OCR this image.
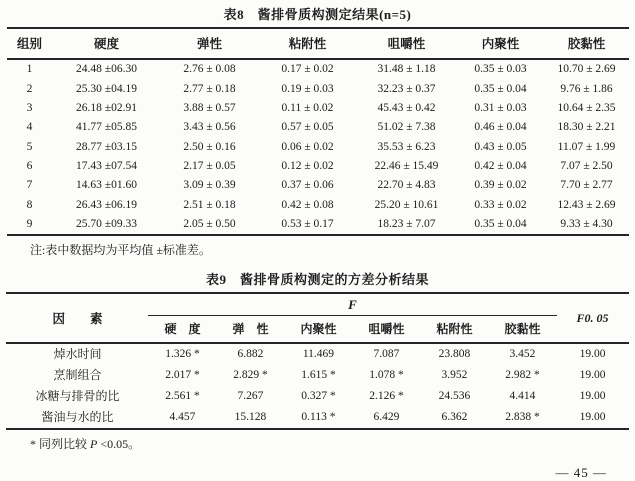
表8　酱排骨质构测定结果(n=5)
组别	硬度	弹性	粘附性	咀嚼性	内聚性	胶黏性
1	24.48 ±06.30	2.76 ± 0.08	0.17 ± 0.02	31.48 ± 1.18	0.35 ± 0.03	10.70 ± 2.69
2	25.30 ±04.19	2.77 ± 0.18	0.19 ± 0.03	32.23 ± 0.37	0.35 ± 0.04	9.76 ± 1.86
3	26.18 ±02.91	3.88 ± 0.57	0.11 ± 0.02	45.43 ± 0.42	0.31 ± 0.03	10.64 ± 2.35
4	41.77 ±05.85	3.43 ± 0.56	0.57 ± 0.05	51.02 ± 7.38	0.46 ± 0.04	18.30 ± 2.21
5	28.77 ±03.15	2.50 ± 0.16	0.06 ± 0.02	35.53 ± 6.23	0.43 ± 0.05	11.07 ± 1.99
6	17.43 ±07.54	2.17 ± 0.05	0.12 ± 0.02	22.46 ± 15.49	0.42 ± 0.04	7.07 ± 2.50
7	14.63 ±01.60	3.09 ± 0.39	0.37 ± 0.06	22.70 ± 4.83	0.39 ± 0.02	7.70 ± 2.77
8	26.43 ±06.19	2.51 ± 0.18	0.42 ± 0.08	25.20 ± 10.61	0.33 ± 0.02	12.43 ± 2.69
9	25.70 ±09.33	2.05 ± 0.50	0.53 ± 0.17	18.23 ± 7.07	0.35 ± 0.04	9.33 ± 4.30
注:表中数据均为平均值 ±标准差。
表9　酱排骨质构测定的方差分析结果
因　　素	F						F0. 05
	硬　度	弹　性	内聚性	咀嚼性	粘附性	胶黏性	
焯水时间	1.326 *	6.882	11.469	7.087	23.808	3.452	19.00
烹制组合	2.017 *	2.829 *	1.615 *	1.078 *	3.952	2.982 *	19.00
冰糖与排骨的比	2.561 *	7.267	0.327 *	2.126 *	24.536	4.414	19.00
酱油与水的比	4.457	15.128	0.113 *	6.429	6.362	2.838 *	19.00
* 同列比较 P <0.05。
— 45 —
